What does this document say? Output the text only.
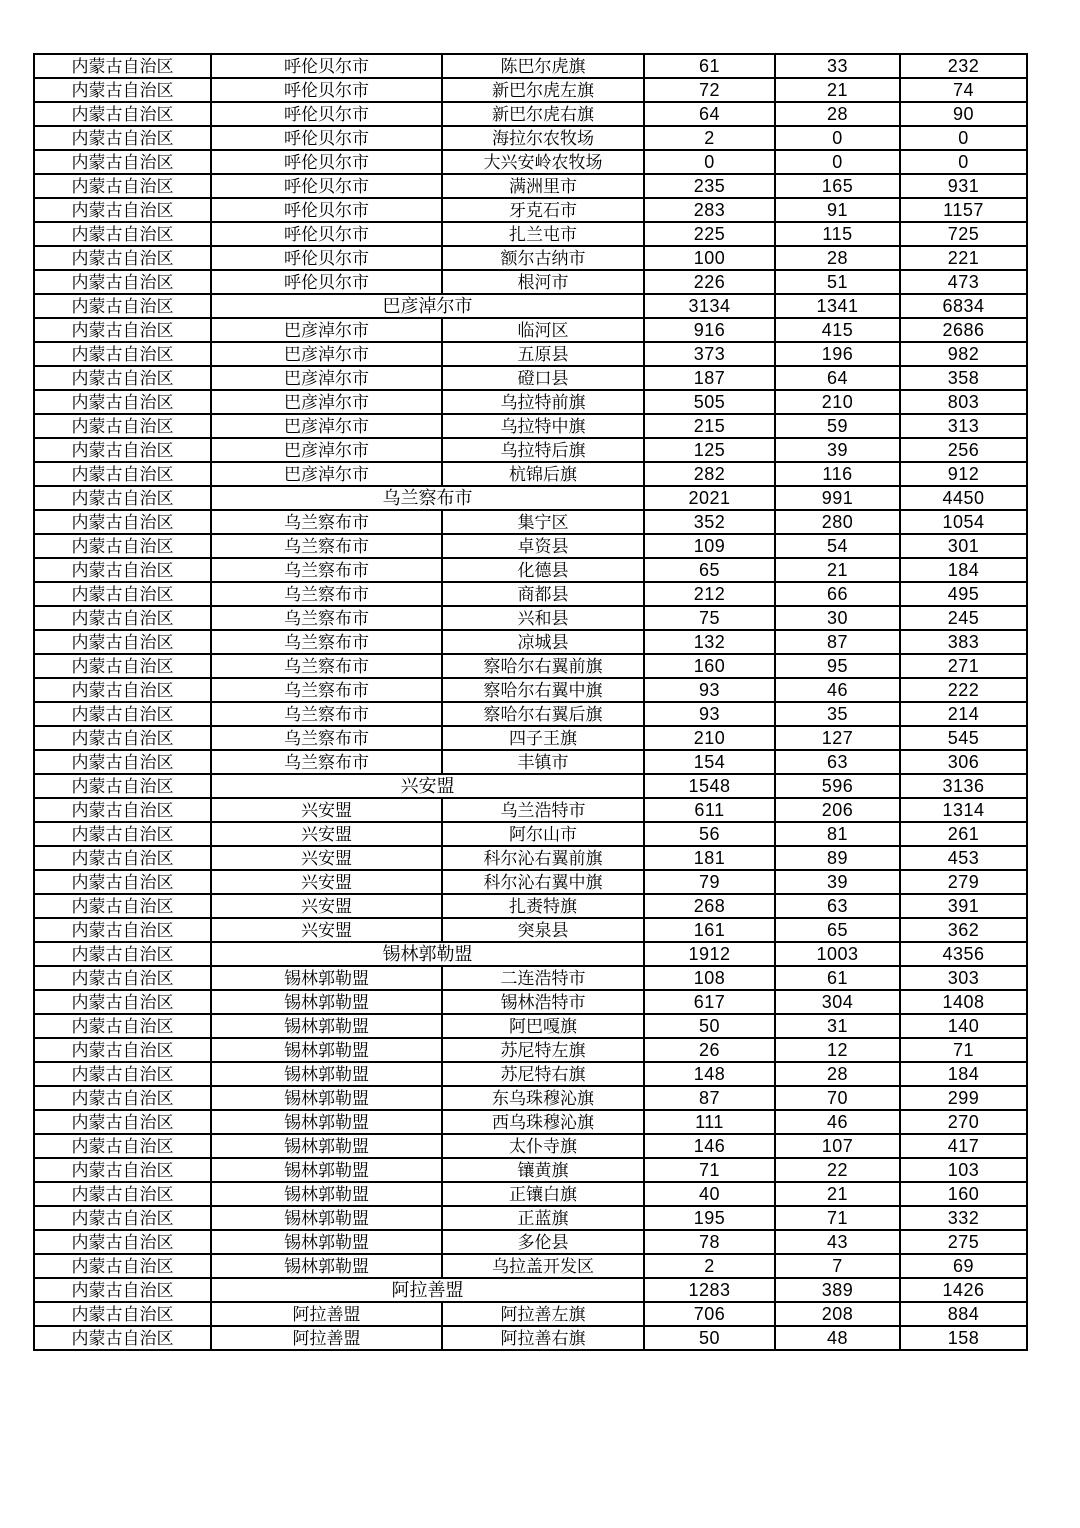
内蒙古自治区	呼伦贝尔市	陈巴尔虎旗	61	33	232
内蒙古自治区	呼伦贝尔市	新巴尔虎左旗	72	21	74
内蒙古自治区	呼伦贝尔市	新巴尔虎右旗	64	28	90
内蒙古自治区	呼伦贝尔市	海拉尔农牧场	2	0	0
内蒙古自治区	呼伦贝尔市	大兴安岭农牧场	0	0	0
内蒙古自治区	呼伦贝尔市	满洲里市	235	165	931
内蒙古自治区	呼伦贝尔市	牙克石市	283	91	1157
内蒙古自治区	呼伦贝尔市	扎兰屯市	225	115	725
内蒙古自治区	呼伦贝尔市	额尔古纳市	100	28	221
内蒙古自治区	呼伦贝尔市	根河市	226	51	473
内蒙古自治区	巴彦淖尔市		3134	1341	6834
内蒙古自治区	巴彦淖尔市	临河区	916	415	2686
内蒙古自治区	巴彦淖尔市	五原县	373	196	982
内蒙古自治区	巴彦淖尔市	磴口县	187	64	358
内蒙古自治区	巴彦淖尔市	乌拉特前旗	505	210	803
内蒙古自治区	巴彦淖尔市	乌拉特中旗	215	59	313
内蒙古自治区	巴彦淖尔市	乌拉特后旗	125	39	256
内蒙古自治区	巴彦淖尔市	杭锦后旗	282	116	912
内蒙古自治区	乌兰察布市		2021	991	4450
内蒙古自治区	乌兰察布市	集宁区	352	280	1054
内蒙古自治区	乌兰察布市	卓资县	109	54	301
内蒙古自治区	乌兰察布市	化德县	65	21	184
内蒙古自治区	乌兰察布市	商都县	212	66	495
内蒙古自治区	乌兰察布市	兴和县	75	30	245
内蒙古自治区	乌兰察布市	凉城县	132	87	383
内蒙古自治区	乌兰察布市	察哈尔右翼前旗	160	95	271
内蒙古自治区	乌兰察布市	察哈尔右翼中旗	93	46	222
内蒙古自治区	乌兰察布市	察哈尔右翼后旗	93	35	214
内蒙古自治区	乌兰察布市	四子王旗	210	127	545
内蒙古自治区	乌兰察布市	丰镇市	154	63	306
内蒙古自治区	兴安盟		1548	596	3136
内蒙古自治区	兴安盟	乌兰浩特市	611	206	1314
内蒙古自治区	兴安盟	阿尔山市	56	81	261
内蒙古自治区	兴安盟	科尔沁右翼前旗	181	89	453
内蒙古自治区	兴安盟	科尔沁右翼中旗	79	39	279
内蒙古自治区	兴安盟	扎赉特旗	268	63	391
内蒙古自治区	兴安盟	突泉县	161	65	362
内蒙古自治区	锡林郭勒盟		1912	1003	4356
内蒙古自治区	锡林郭勒盟	二连浩特市	108	61	303
内蒙古自治区	锡林郭勒盟	锡林浩特市	617	304	1408
内蒙古自治区	锡林郭勒盟	阿巴嘎旗	50	31	140
内蒙古自治区	锡林郭勒盟	苏尼特左旗	26	12	71
内蒙古自治区	锡林郭勒盟	苏尼特右旗	148	28	184
内蒙古自治区	锡林郭勒盟	东乌珠穆沁旗	87	70	299
内蒙古自治区	锡林郭勒盟	西乌珠穆沁旗	111	46	270
内蒙古自治区	锡林郭勒盟	太仆寺旗	146	107	417
内蒙古自治区	锡林郭勒盟	镶黄旗	71	22	103
内蒙古自治区	锡林郭勒盟	正镶白旗	40	21	160
内蒙古自治区	锡林郭勒盟	正蓝旗	195	71	332
内蒙古自治区	锡林郭勒盟	多伦县	78	43	275
内蒙古自治区	锡林郭勒盟	乌拉盖开发区	2	7	69
内蒙古自治区	阿拉善盟		1283	389	1426
内蒙古自治区	阿拉善盟	阿拉善左旗	706	208	884
内蒙古自治区	阿拉善盟	阿拉善右旗	50	48	158
